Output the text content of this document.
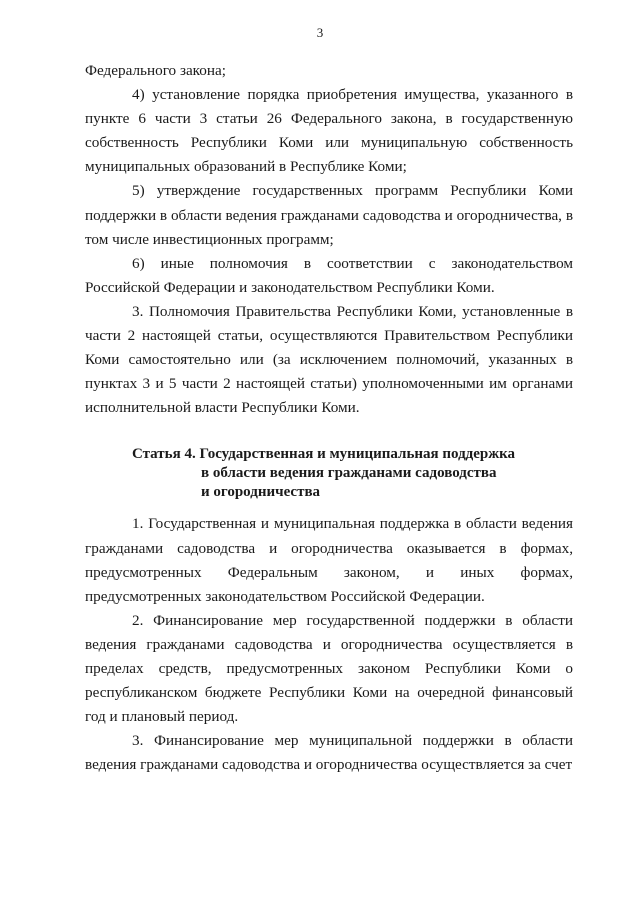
3

Федерального закона;

4) установление порядка приобретения имущества, указанного в пункте 6 части 3 статьи 26 Федерального закона, в государственную собственность Республики Коми или муниципальную собственность муниципальных образований в Республике Коми;

5) утверждение государственных программ Республики Коми поддержки в области ведения гражданами садоводства и огородничества, в том числе инвестиционных программ;

6) иные полномочия в соответствии с законодательством Российской Федерации и законодательством Республики Коми.

3. Полномочия Правительства Республики Коми, установленные в части 2 настоящей статьи, осуществляются Правительством Республики Коми самостоятельно или (за исключением полномочий, указанных в пунктах 3 и 5 части 2 настоящей статьи) уполномоченными им органами исполнительной власти Республики Коми.

Статья 4. Государственная и муниципальная поддержка
в области ведения гражданами садоводства
и огородничества

1. Государственная и муниципальная поддержка в области ведения гражданами садоводства и огородничества оказывается в формах, предусмотренных Федеральным законом, и иных формах, предусмотренных законодательством Российской Федерации.

2. Финансирование мер государственной поддержки в области ведения гражданами садоводства и огородничества осуществляется в пределах средств, предусмотренных законом Республики Коми о республиканском бюджете Республики Коми на очередной финансовый год и плановый период.

3. Финансирование мер муниципальной поддержки в области ведения гражданами садоводства и огородничества осуществляется за счет
